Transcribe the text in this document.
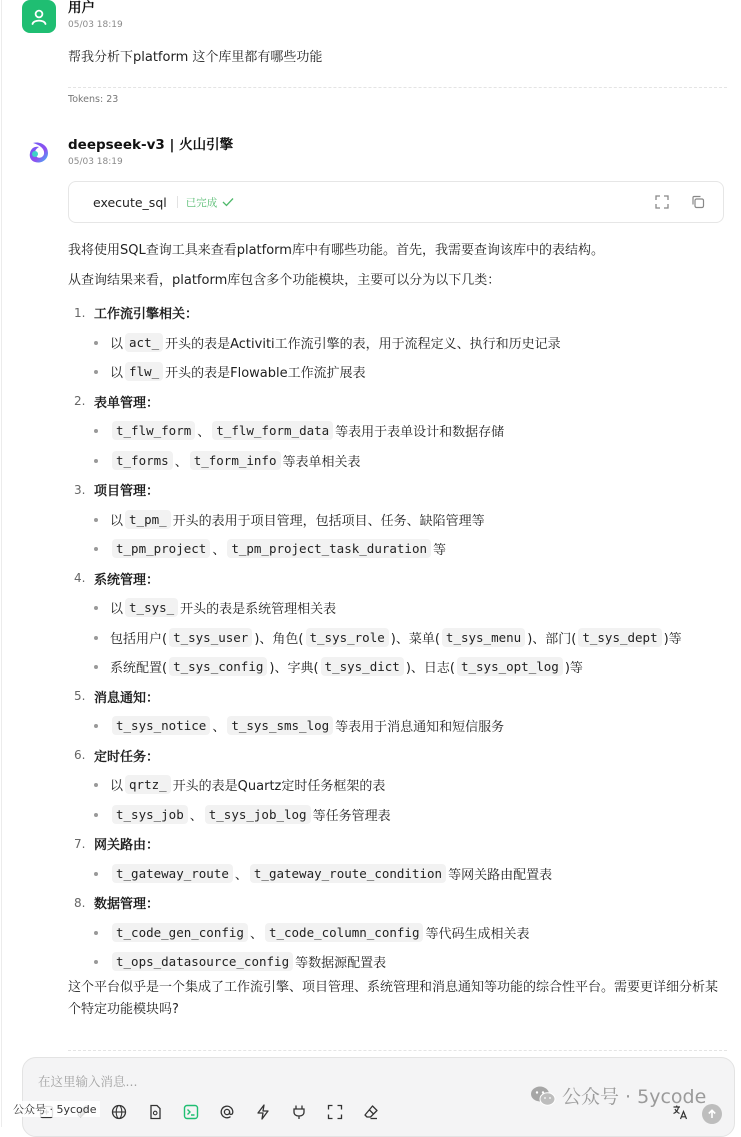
用户
05/03 18:19
帮我分析下platform 这个库里都有哪些功能
Tokens: 23
deepseek-v3 | 火山引擎
05/03 18:19
execute_sql 已完成

我将使用SQL查询工具来查看platform库中有哪些功能。首先，我需要查询该库中的表结构。

从查询结果来看，platform库包含多个功能模块，主要可以分为以下几类：

1. 工作流引擎相关 ：
以 act_ 开头的表是Activiti工作流引擎的表，用于流程定义、执行和历史记录
以 flw_ 开头的表是Flowable工作流扩展表
2. 表单管理 ：
t_flw_form 、 t_flw_form_data 等表用于表单设计和数据存储
t_forms 、 t_form_info 等表单相关表
3. 项目管理 ：
以 t_pm_ 开头的表用于项目管理，包括项目、任务、缺陷管理等
t_pm_project 、 t_pm_project_task_duration 等
4. 系统管理 ：
以 t_sys_ 开头的表是系统管理相关表
包括用户( t_sys_user )、角色( t_sys_role )、菜单( t_sys_menu )、部门( t_sys_dept )等
系统配置( t_sys_config )、字典( t_sys_dict )、日志( t_sys_opt_log )等
5. 消息通知 ：
t_sys_notice 、 t_sys_sms_log 等表用于消息通知和短信服务
6. 定时任务 ：
以 qrtz_ 开头的表是Quartz定时任务框架的表
t_sys_job 、 t_sys_job_log 等任务管理表
7. 网关路由 ：
t_gateway_route 、 t_gateway_route_condition 等网关路由配置表
8. 数据管理 ：
t_code_gen_config 、 t_code_column_config 等代码生成相关表
t_ops_datasource_config 等数据源配置表

这个平台似乎是一个集成了工作流引擎、项目管理、系统管理和消息通知等功能的综合性平台。需要更详细分析某个特定功能模块吗?

在这里输入消息...
公众号 · 5ycode
公众号 · 5ycode
